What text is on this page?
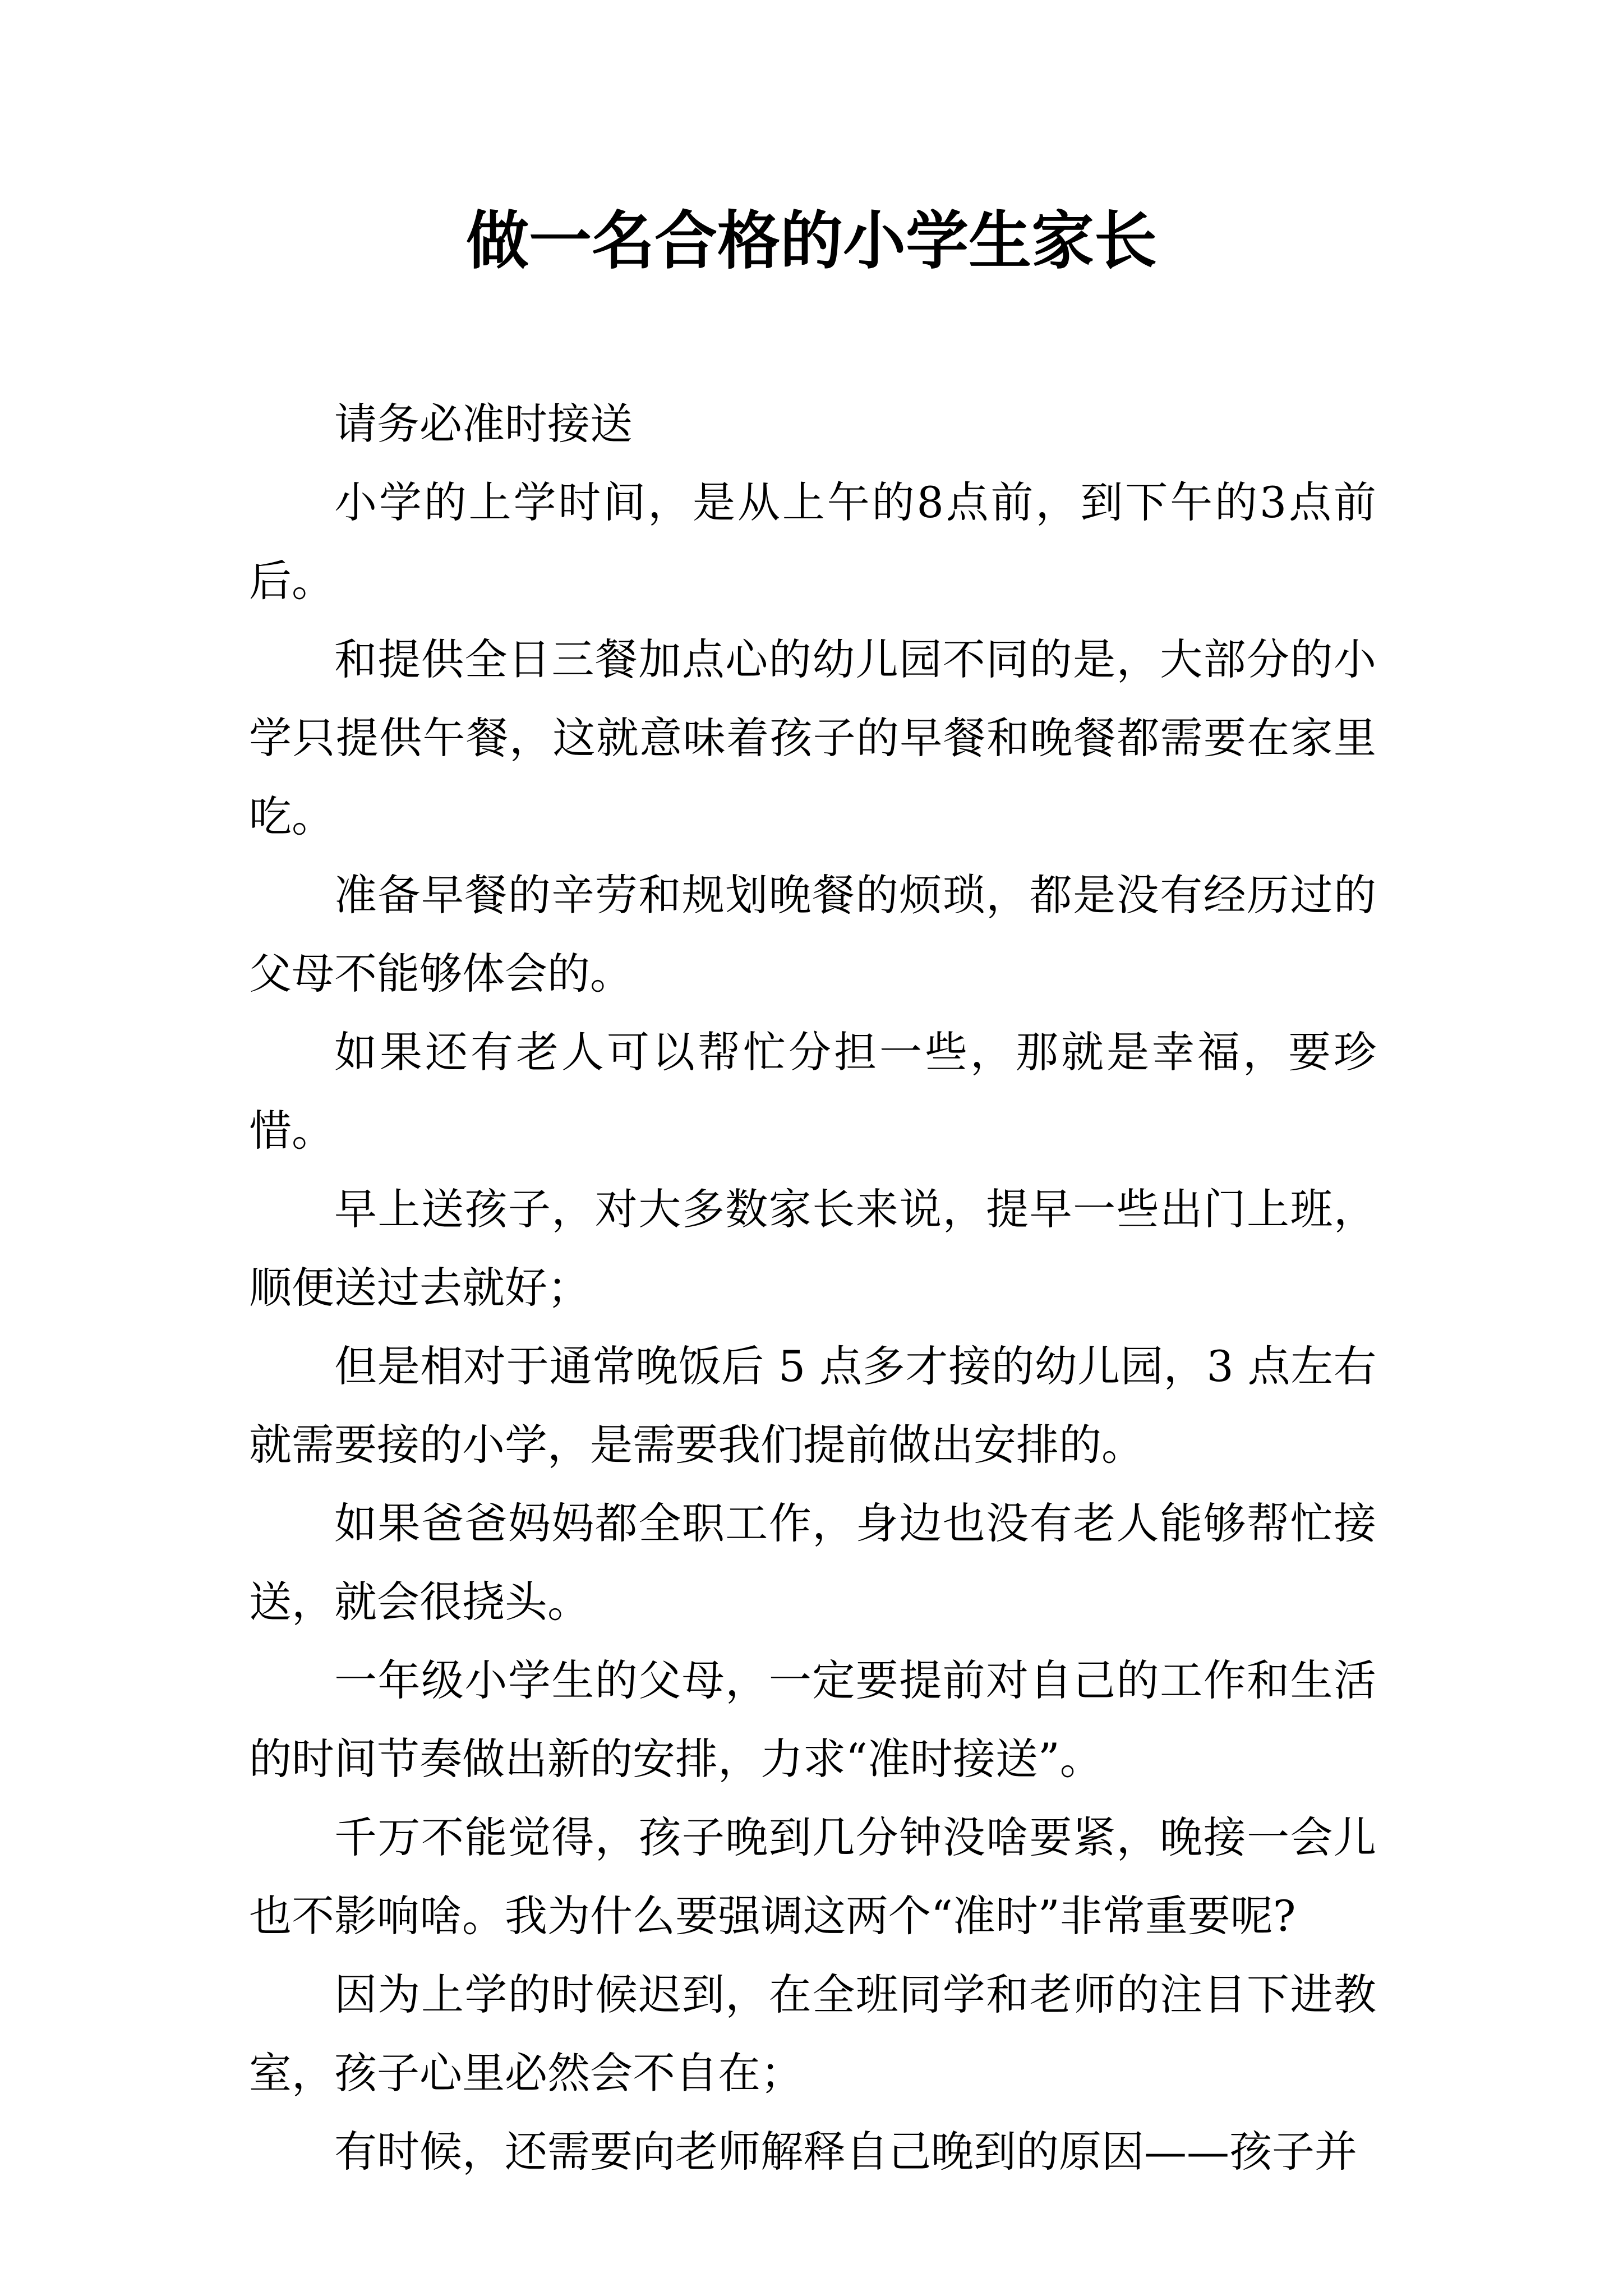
做一名合格的小学生家长

请务必准时接送

小学的上学时间，是从上午的8点前，到下午的3点前后。

和提供全日三餐加点心的幼儿园不同的是，大部分的小学只提供午餐，这就意味着孩子的早餐和晚餐都需要在家里吃。

准备早餐的辛劳和规划晚餐的烦琐，都是没有经历过的父母不能够体会的。

如果还有老人可以帮忙分担一些，那就是幸福，要珍惜。

早上送孩子，对大多数家长来说，提早一些出门上班，顺便送过去就好；

但是相对于通常晚饭后 5 点多才接的幼儿园，3 点左右就需要接的小学，是需要我们提前做出安排的。

如果爸爸妈妈都全职工作，身边也没有老人能够帮忙接送，就会很挠头。

一年级小学生的父母，一定要提前对自己的工作和生活的时间节奏做出新的安排，力求“准时接送”。

千万不能觉得，孩子晚到几分钟没啥要紧，晚接一会儿也不影响啥。我为什么要强调这两个“准时”非常重要呢?

因为上学的时候迟到，在全班同学和老师的注目下进教室，孩子心里必然会不自在；

有时候，还需要向老师解释自己晚到的原因——孩子并
